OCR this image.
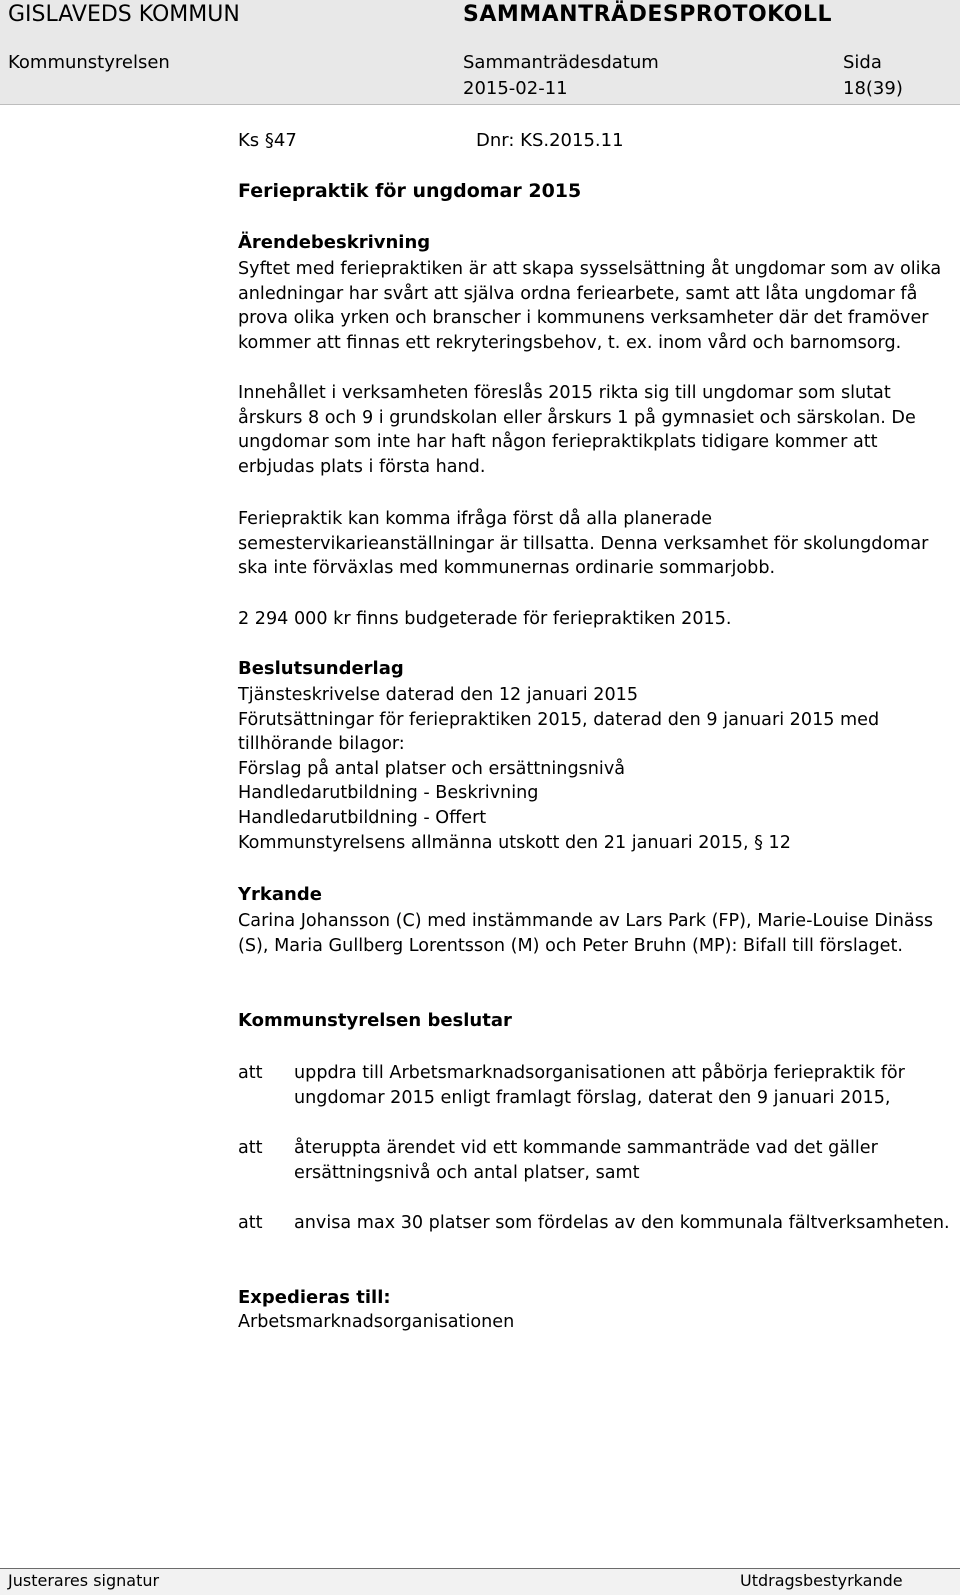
GISLAVEDS KOMMUN	SAMMANTRÄDESPROTOKOLL
Kommunstyrelsen	Sammanträdesdatum
2015-02-11
Sida
18(39)
Ks §47	Dnr: KS.2015.11
Feriepraktik för ungdomar 2015
Ärendebeskrivning
Syftet med feriepraktiken är att skapa sysselsättning åt ungdomar som av olika
anledningar har svårt att själva ordna feriearbete, samt att låta ungdomar få
prova olika yrken och branscher i kommunens verksamheter där det framöver
kommer att finnas ett rekryteringsbehov, t. ex. inom vård och barnomsorg.
Innehållet i verksamheten föreslås 2015 rikta sig till ungdomar som slutat
årskurs 8 och 9 i grundskolan eller årskurs 1 på gymnasiet och särskolan. De
ungdomar som inte har haft någon feriepraktikplats tidigare kommer att
erbjudas plats i första hand.
Feriepraktik kan komma ifråga först då alla planerade
semestervikarieanställningar är tillsatta. Denna verksamhet för skolungdomar
ska inte förväxlas med kommunernas ordinarie sommarjobb.
2 294 000 kr finns budgeterade för feriepraktiken 2015.
Beslutsunderlag
Tjänsteskrivelse daterad den 12 januari 2015
Förutsättningar för feriepraktiken 2015, daterad den 9 januari 2015 med
tillhörande bilagor:
Förslag på antal platser och ersättningsnivå
Handledarutbildning - Beskrivning
Handledarutbildning - Offert
Kommunstyrelsens allmänna utskott den 21 januari 2015, § 12
Yrkande
Carina Johansson (C) med instämmande av Lars Park (FP), Marie-Louise Dinäss
(S), Maria Gullberg Lorentsson (M) och Peter Bruhn (MP): Bifall till förslaget.
Kommunstyrelsen beslutar
att uppdra till Arbetsmarknadsorganisationen att påbörja feriepraktik för
ungdomar 2015 enligt framlagt förslag, daterat den 9 januari 2015,
att återuppta ärendet vid ett kommande sammanträde vad det gäller
ersättningsnivå och antal platser, samt
att anvisa max 30 platser som fördelas av den kommunala fältverksamheten.
Expedieras till:
Arbetsmarknadsorganisationen
Justerares signatur	Utdragsbestyrkande
